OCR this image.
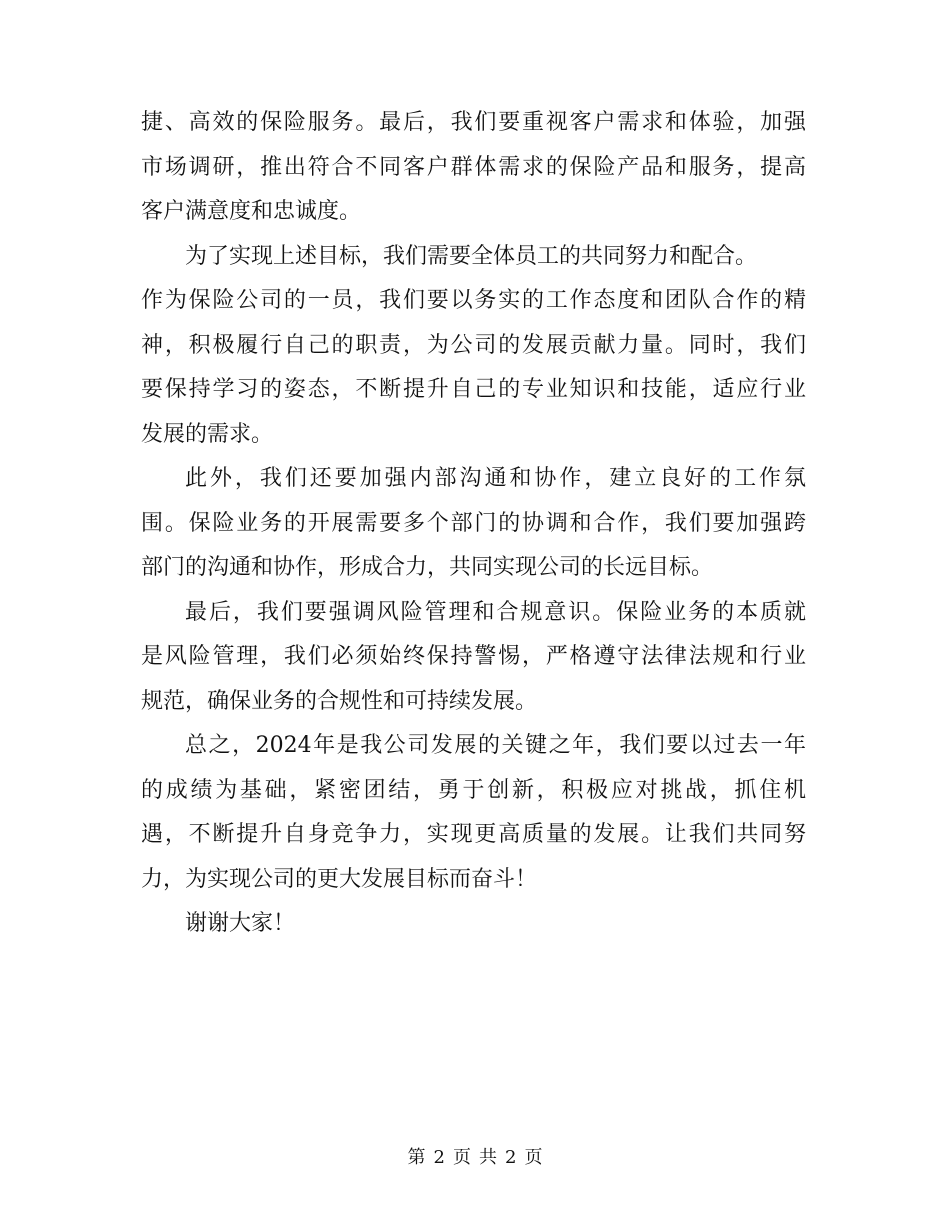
捷、高效的保险服务。最后，我们要重视客户需求和体验，加强
市场调研，推出符合不同客户群体需求的保险产品和服务，提高
客户满意度和忠诚度。
为了实现上述目标，我们需要全体员工的共同努力和配合。
作为保险公司的一员，我们要以务实的工作态度和团队合作的精
神，积极履行自己的职责，为公司的发展贡献力量。同时，我们
要保持学习的姿态，不断提升自己的专业知识和技能，适应行业
发展的需求。
此外，我们还要加强内部沟通和协作，建立良好的工作氛
围。保险业务的开展需要多个部门的协调和合作，我们要加强跨
部门的沟通和协作，形成合力，共同实现公司的长远目标。
最后，我们要强调风险管理和合规意识。保险业务的本质就
是风险管理，我们必须始终保持警惕，严格遵守法律法规和行业
规范，确保业务的合规性和可持续发展。
总之，2024年是我公司发展的关键之年，我们要以过去一年
的成绩为基础，紧密团结，勇于创新，积极应对挑战，抓住机
遇，不断提升自身竞争力，实现更高质量的发展。让我们共同努
力，为实现公司的更大发展目标而奋斗！
谢谢大家！
第 2 页 共 2 页
